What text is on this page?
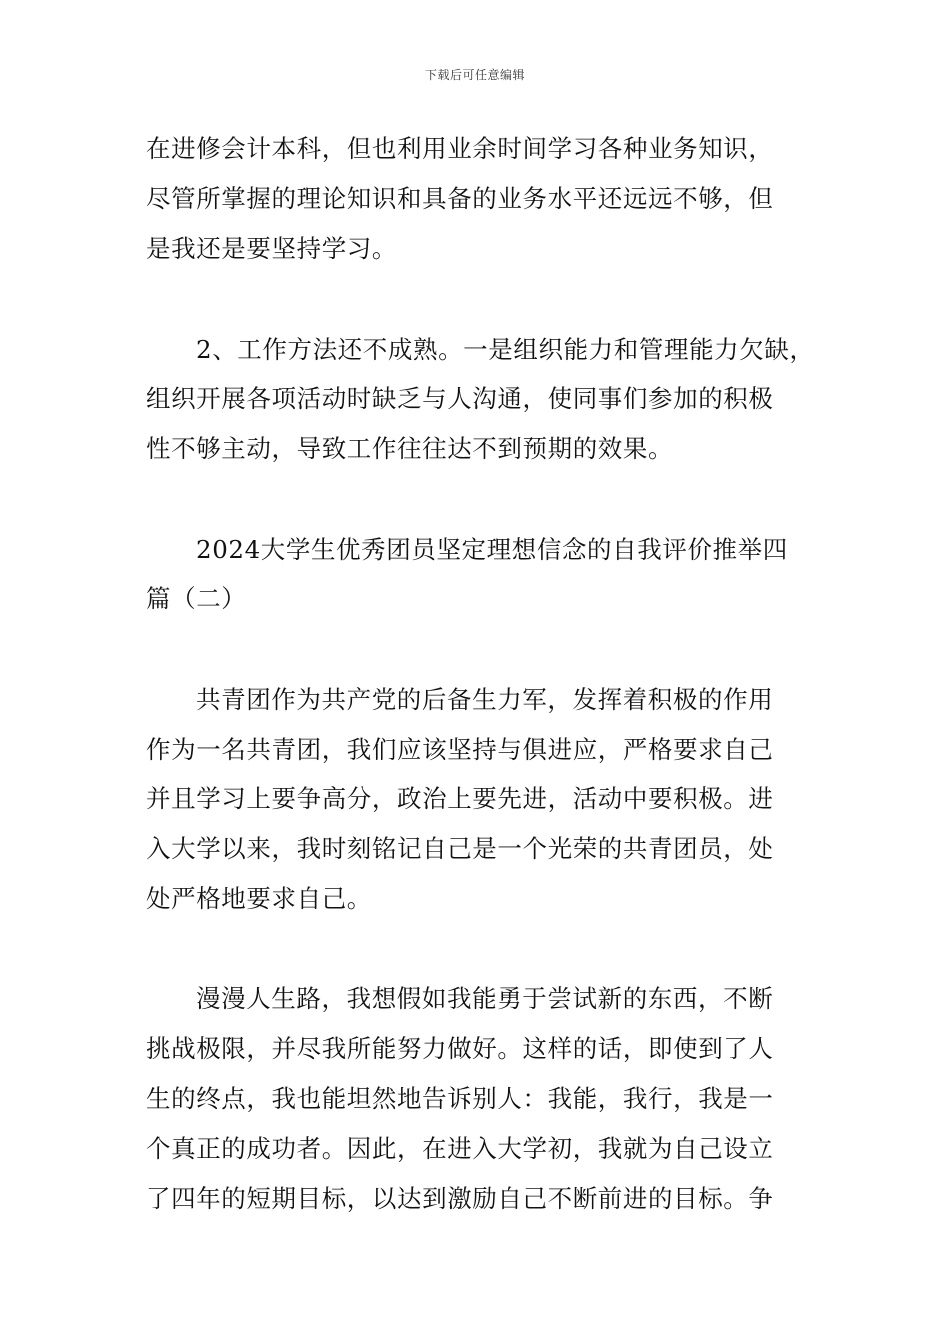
下载后可任意编辑
在进修会计本科，但也利用业余时间学习各种业务知识，
尽管所掌握的理论知识和具备的业务水平还远远不够，但
是我还是要坚持学习。
2、工作方法还不成熟。一是组织能力和管理能力欠缺，
组织开展各项活动时缺乏与人沟通，使同事们参加的积极
性不够主动，导致工作往往达不到预期的效果。
2024大学生优秀团员坚定理想信念的自我评价推举四
篇（二）
共青团作为共产党的后备生力军，发挥着积极的作用
作为一名共青团，我们应该坚持与俱进应，严格要求自己
并且学习上要争高分，政治上要先进，活动中要积极。进
入大学以来，我时刻铭记自己是一个光荣的共青团员，处
处严格地要求自己。
漫漫人生路，我想假如我能勇于尝试新的东西，不断
挑战极限，并尽我所能努力做好。这样的话，即使到了人
生的终点，我也能坦然地告诉别人：我能，我行，我是一
个真正的成功者。因此，在进入大学初，我就为自己设立
了四年的短期目标，以达到激励自己不断前进的目标。争
